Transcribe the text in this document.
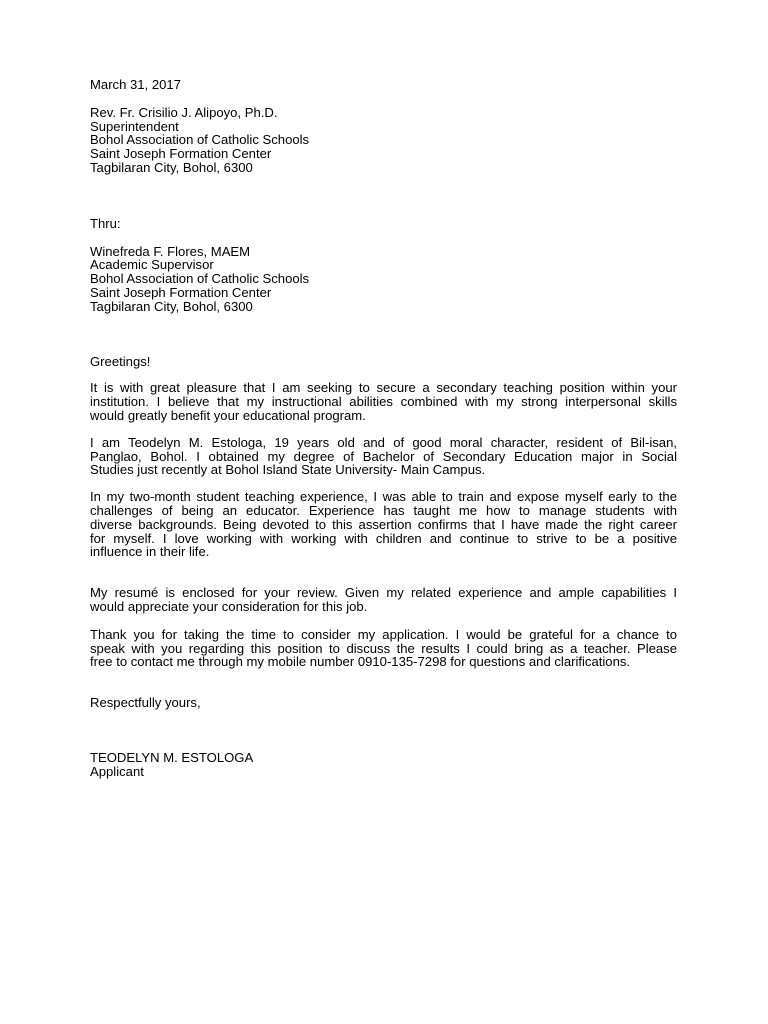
March 31, 2017
Rev. Fr. Crisilio J. Alipoyo, Ph.D.
Superintendent
Bohol Association of Catholic Schools
Saint Joseph Formation Center
Tagbilaran City, Bohol, 6300
Thru:
Winefreda F. Flores, MAEM
Academic Supervisor
Bohol Association of Catholic Schools
Saint Joseph Formation Center
Tagbilaran City, Bohol, 6300
Greetings!
It is with great pleasure that I am seeking to secure a secondary teaching position within your
institution. I believe that my instructional abilities combined with my strong interpersonal skills
would greatly benefit your educational program.
I am Teodelyn M. Estologa, 19 years old and of good moral character, resident of Bil-isan,
Panglao, Bohol. I obtained my degree of Bachelor of Secondary Education major in Social
Studies just recently at Bohol Island State University- Main Campus.
In my two-month student teaching experience, I was able to train and expose myself early to the
challenges of being an educator. Experience has taught me how to manage students with
diverse backgrounds. Being devoted to this assertion confirms that I have made the right career
for myself. I love working with working with children and continue to strive to be a positive
influence in their life.
My resumé is enclosed for your review. Given my related experience and ample capabilities I
would appreciate your consideration for this job.
Thank you for taking the time to consider my application. I would be grateful for a chance to
speak with you regarding this position to discuss the results I could bring as a teacher. Please
free to contact me through my mobile number 0910-135-7298 for questions and clarifications.
Respectfully yours,
TEODELYN M. ESTOLOGA
Applicant
